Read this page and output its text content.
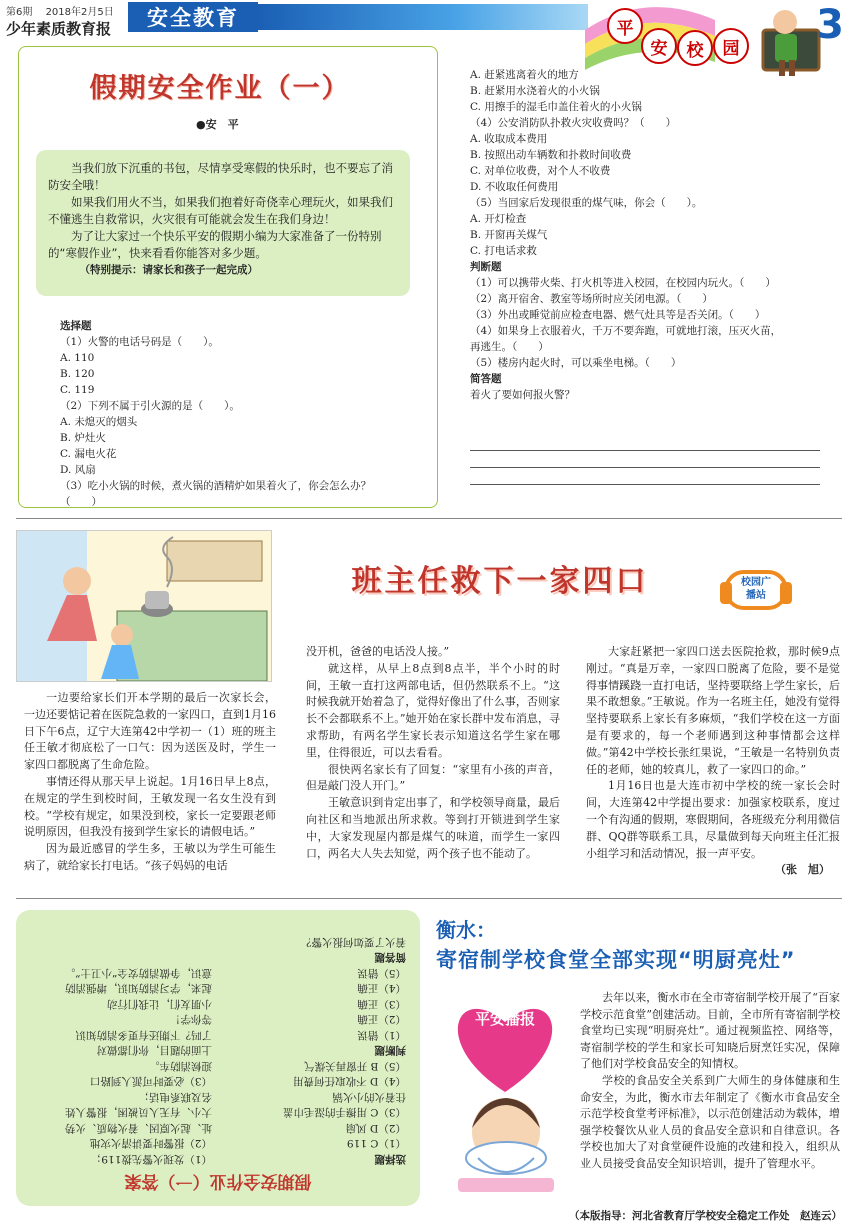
第6期 2018年2月5日
少年素质教育报	安全教育	平
安	校	园
3
假期安全作业（一）
●安　平

当我们放下沉重的书包，尽情享受寒假的快乐时，也不要忘了消防安全哦！

如果我们用火不当，如果我们抱着好奇侥幸心理玩火，如果我们不懂逃生自救常识，火灾很有可能就会发生在我们身边！

为了让大家过一个快乐平安的假期小编为大家准备了一份特别的“寒假作业”，快来看看你能答对多少题。

（特别提示：请家长和孩子一起完成）

选择题
（1）火警的电话号码是（　　）。
A. 110
B. 120
C. 119
（2）下列不属于引火源的是（　　）。
A. 未熄灭的烟头
B. 炉灶火
C. 漏电火花
D. 风扇
（3）吃小火锅的时候，煮火锅的酒精炉如果着火了，你会怎么办？
（　　）
A. 赶紧逃离着火的地方
B. 赶紧用水浇着火的小火锅
C. 用擦手的湿毛巾盖住着火的小火锅
（4）公安消防队扑救火灾收费吗？（　　）
A. 收取成本费用
B. 按照出动车辆数和扑救时间收费
C. 对单位收费，对个人不收费
D. 不收取任何费用
（5）当回家后发现很重的煤气味，你会（　　）。
A. 开灯检查
B. 开窗再关煤气
C. 打电话求救
判断题
（1）可以携带火柴、打火机等进入校园，在校园内玩火。（　　）
（2）离开宿舍、教室等场所时应关闭电源。（　　）
（3）外出或睡觉前应检查电器、燃气灶具等是否关闭。（　　）
（4）如果身上衣服着火，千万不要奔跑，可就地打滚，压灭火苗，
再逃生。（　　）
（5）楼房内起火时，可以乘坐电梯。（　　）
简答题
着火了要如何报火警？
班主任救下一家四口	校园广播站

一边要给家长们开本学期的最后一次家长会，一边还要惦记着在医院急救的一家四口，直到1月16日下午6点，辽宁大连第42中学初一（1）班的班主任王敏才彻底松了一口气：因为送医及时，学生一家四口都脱离了生命危险。

事情还得从那天早上说起。1月16日早上8点，在规定的学生到校时间，王敏发现一名女生没有到校。“学校有规定，如果没到校，家长一定要跟老师说明原因，但我没有接到学生家长的请假电话。”

因为最近感冒的学生多，王敏以为学生可能生病了，就给家长打电话。“孩子妈妈的电话

没开机，爸爸的电话没人接。”

就这样，从早上8点到8点半，半个小时的时间，王敏一直打这两部电话，但仍然联系不上。“这时候我就开始着急了，觉得好像出了什么事，否则家长不会都联系不上。”她开始在家长群中发布消息，寻求帮助，有两名学生家长表示知道这名学生家在哪里，住得很近，可以去看看。

很快两名家长有了回复：“家里有小孩的声音，但是敲门没人开门。”

王敏意识到肯定出事了，和学校领导商量，最后向社区和当地派出所求救。等到打开锁进到学生家中，大家发现屋内都是煤气的味道，而学生一家四口，两名大人失去知觉，两个孩子也不能动了。

大家赶紧把一家四口送去医院抢救，那时候9点刚过。“真是万幸，一家四口脱离了危险，要不是觉得事情蹊跷一直打电话，坚持要联络上学生家长，后果不敢想象。”王敏说。作为一名班主任，她没有觉得坚持要联系上家长有多麻烦，“我们学校在这一方面是有要求的，每一个老师遇到这种事情都会这样做。”第42中学校长张红果说，“王敏是一名特别负责任的老师，她的较真儿，救了一家四口的命。”

1月16日也是大连市初中学校的统一家长会时间，大连第42中学提出要求：加强家校联系，度过一个有沟通的假期，寒假期间，各班级充分利用微信群、QQ群等联系工具，尽量做到每天向班主任汇报小组学习和活动情况，报一声平安。

（张　旭）
假期安全作业（一）答案
选择题
（1）C 119
（2）D 风扇
（3）C 用擦手的湿毛巾盖
住着火的小火锅
（4）D 不收取任何费用
（5）B 开窗再关煤气
判断题
（1）错误
（2）正确
（3）正确
（4）正确
（5）错误
简答题
着火了要如何报火警？
（1）发现火警先拨119；
（2）报警时要讲清火灾地
址、起火原因、着火物质、火势
大小、有无人员被困，报警人姓
名及联系电话；
（3）必要时可派人到路口
迎候消防车。
上面的题目，你们都做对
了吗？下期还有更多消防知识
等你学！
小朋友们，让我们行动
起来，学习消防知识，增强消防
意识，争做消防安全“小卫士”。
衡水：
寄宿制学校食堂全部实现“明厨亮灶”
平安播报

去年以来，衡水市在全市寄宿制学校开展了“百家学校示范食堂”创建活动。目前，全市所有寄宿制学校食堂均已实现“明厨亮灶”。通过视频监控、网络等，寄宿制学校的学生和家长可知晓后厨烹饪实况，保障了他们对学校食品安全的知情权。

学校的食品安全关系到广大师生的身体健康和生命安全，为此，衡水市去年制定了《衡水市食品安全示范学校食堂考评标准》，以示范创建活动为载体，增强学校餐饮从业人员的食品安全意识和自律意识。各学校也加大了对食堂硬件设施的改建和投入，组织从业人员接受食品安全知识培训，提升了管理水平。

（本版指导：河北省教育厅学校安全稳定工作处　赵连云）
